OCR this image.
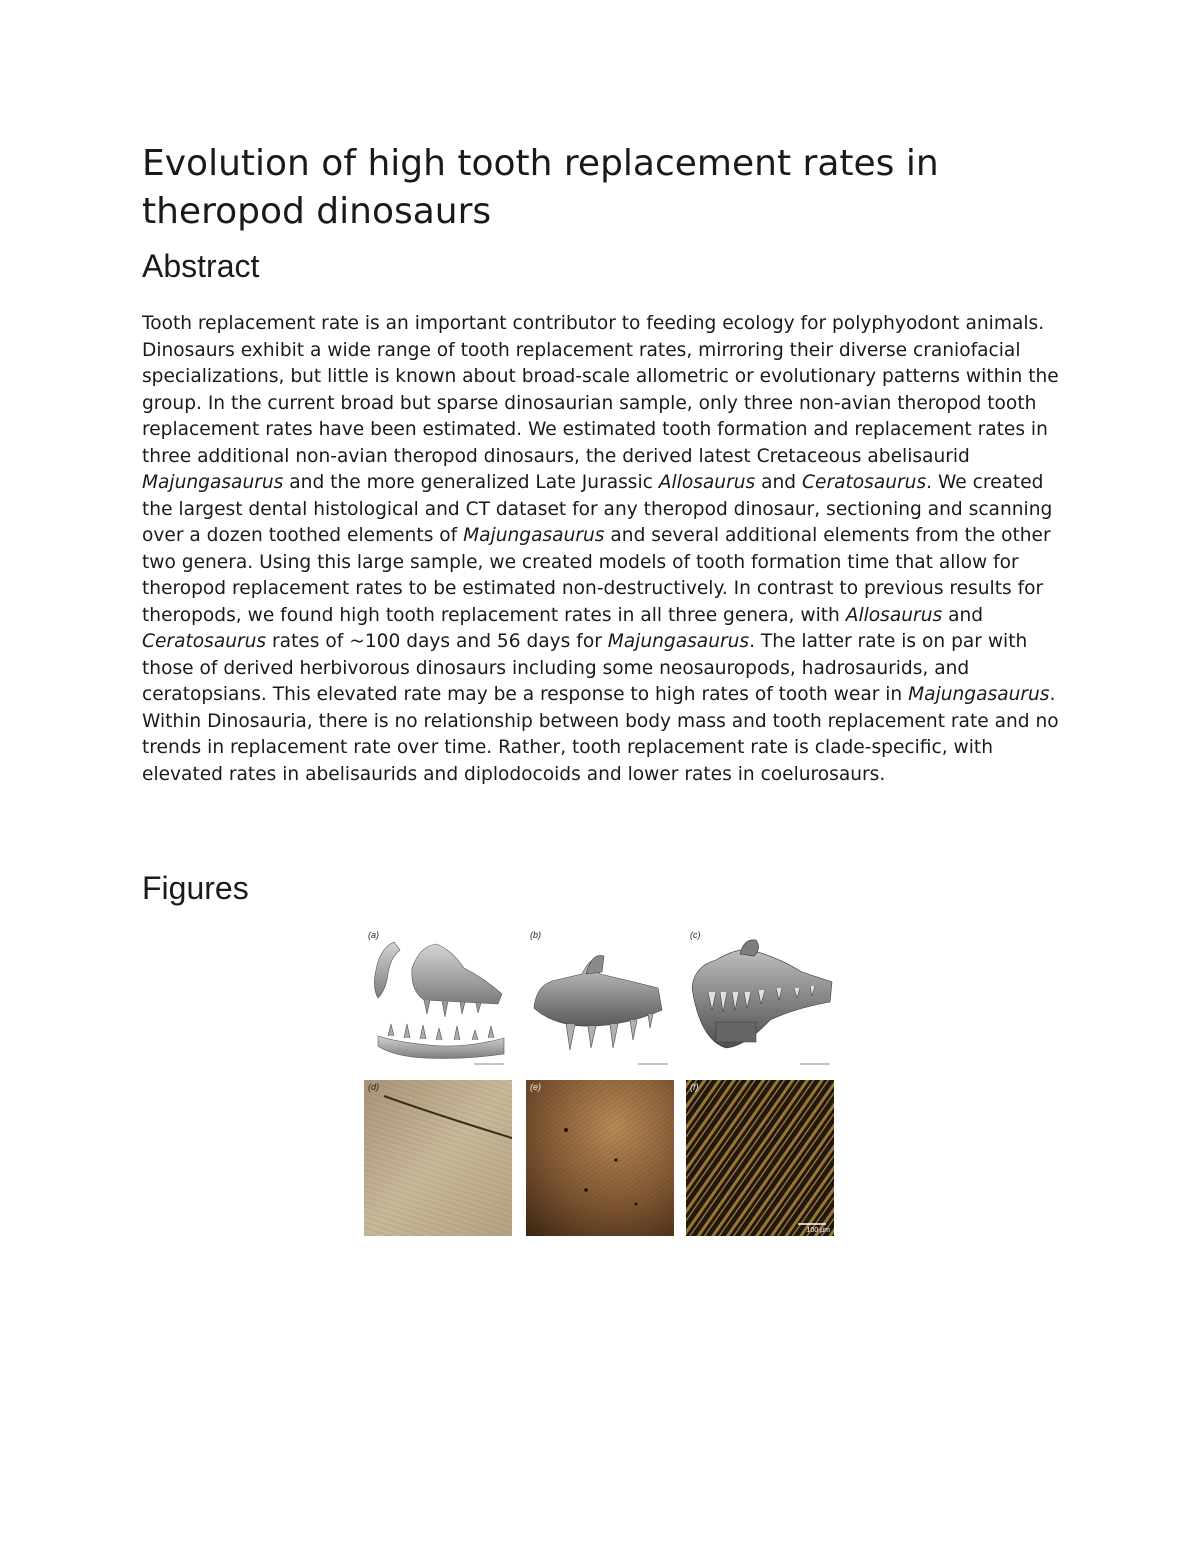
Evolution of high tooth replacement rates in theropod dinosaurs
Abstract

Tooth replacement rate is an important contributor to feeding ecology for polyphyodont animals. Dinosaurs exhibit a wide range of tooth replacement rates, mirroring their diverse craniofacial specializations, but little is known about broad-scale allometric or evolutionary patterns within the group. In the current broad but sparse dinosaurian sample, only three non-avian theropod tooth replacement rates have been estimated. We estimated tooth formation and replacement rates in three additional non-avian theropod dinosaurs, the derived latest Cretaceous abelisaurid Majungasaurus and the more generalized Late Jurassic Allosaurus and Ceratosaurus. We created the largest dental histological and CT dataset for any theropod dinosaur, sectioning and scanning over a dozen toothed elements of Majungasaurus and several additional elements from the other two genera. Using this large sample, we created models of tooth formation time that allow for theropod replacement rates to be estimated non-destructively. In contrast to previous results for theropods, we found high tooth replacement rates in all three genera, with Allosaurus and Ceratosaurus rates of ~100 days and 56 days for Majungasaurus. The latter rate is on par with those of derived herbivorous dinosaurs including some neosauropods, hadrosaurids, and ceratopsians. This elevated rate may be a response to high rates of tooth wear in Majungasaurus. Within Dinosauria, there is no relationship between body mass and tooth replacement rate and no trends in replacement rate over time. Rather, tooth replacement rate is clade-specific, with elevated rates in abelisaurids and diplodocoids and lower rates in coelurosaurs.

Figures
(a)	(b)	(c)
(d)	(e)	(f)
100 μm
